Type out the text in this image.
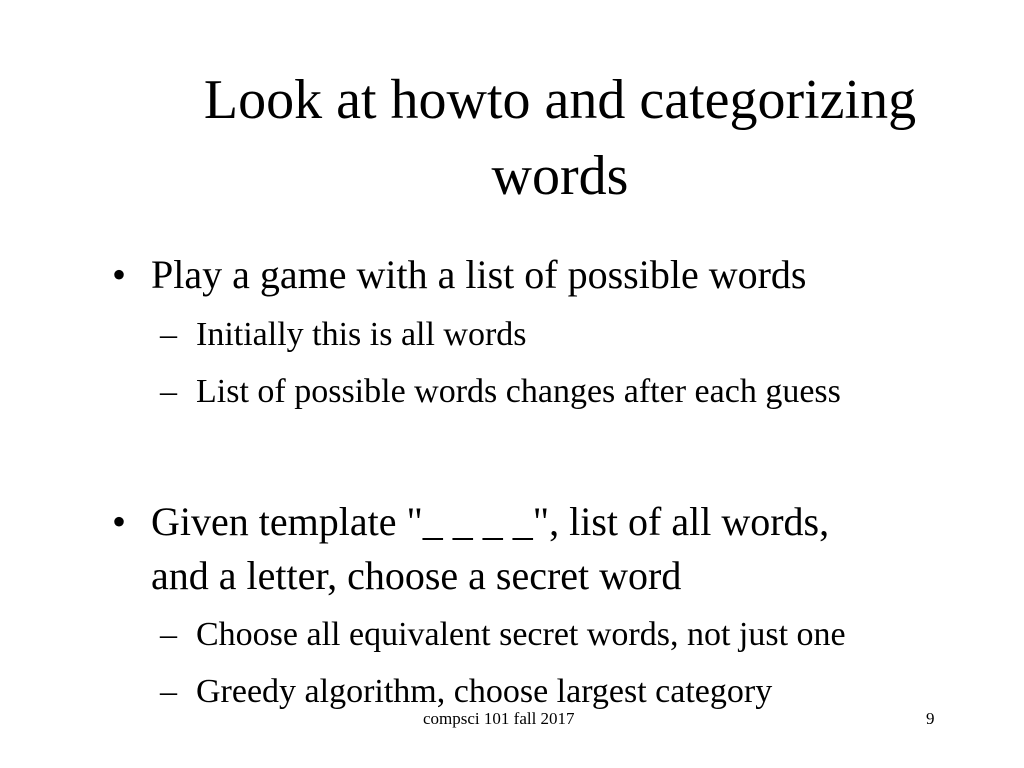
Look at howto and categorizing words
• Play a game with a list of possible words
– Initially this is all words
– List of possible words changes after each guess
• Given template "_ _ _ _", list of all words,
and a letter, choose a secret word
– Choose all equivalent secret words, not just one
– Greedy algorithm, choose largest category
compsci 101 fall 2017	9
